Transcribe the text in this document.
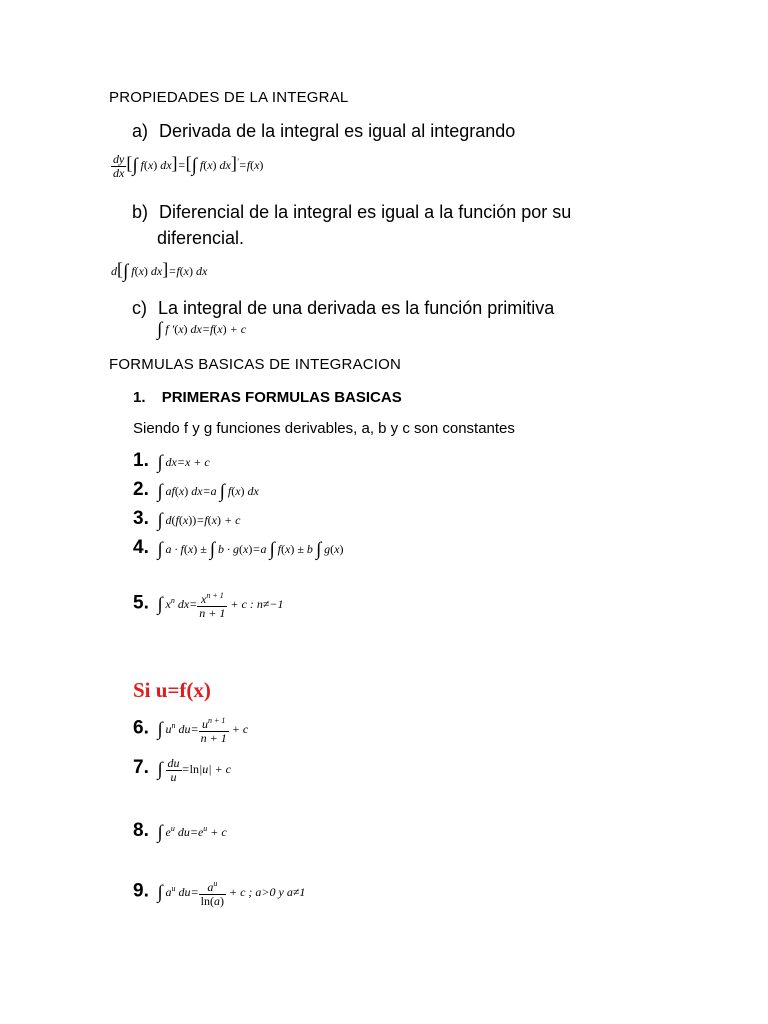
PROPIEDADES DE LA INTEGRAL
a) Derivada de la integral es igual al integrando
$\frac{dy}{dx}$ [∫ f(x) dx]=[∫ f(x) dx]′=f(x)
b) Diferencial de la integral es igual a la función por su
diferencial.
d[∫ f(x) dx]=f(x) dx
c) La integral de una derivada es la función primitiva
∫ f ′(x) dx=f(x) + c
FORMULAS BASICAS DE INTEGRACION
1. PRIMERAS FORMULAS BASICAS
Siendo f y g funciones derivables, a, b y c son constantes
1. ∫ dx=x + c
2. ∫ af(x) dx=a ∫ f(x) dx
3. ∫ d(f(x))=f(x) + c
4. ∫ a · f(x) ± ∫ b · g(x)=a ∫ f(x) ± b ∫ g(x)
5. ∫ $x^n$ $dx= \frac{x^{n + 1}}{n + 1} + c$ : n≠−1
Si u=f(x)
6. ∫ $u^n$ $du= \frac{u^{n + 1}}{n + 1} + c$
7. ∫ $\frac{du}{u} =\ln|u| + c$
8. ∫ $e^u$ $du=e^u + c$
9. ∫ $a^u$ $du= \frac{a^u}{\ln(a)} + c$ ; a>0 y a≠1
